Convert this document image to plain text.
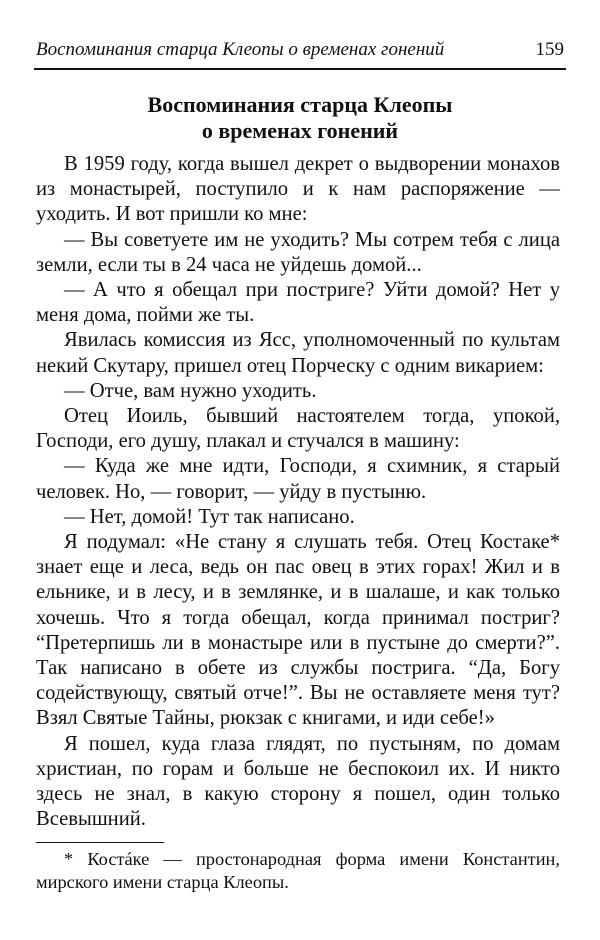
Воспоминания старца Клеопы о временах гонений	159
Воспоминания старца Клеопы
о временах гонений

В 1959 году, когда вышел декрет о выдворении монахов из монастырей, поступило и к нам распоряжение — уходить. И вот пришли ко мне:

— Вы советуете им не уходить? Мы сотрем тебя с лица земли, если ты в 24 часа не уйдешь домой...

— А что я обещал при постриге? Уйти домой? Нет у меня дома, пойми же ты.

Явилась комиссия из Ясс, уполномоченный по культам некий Скутару, пришел отец Порческу с одним викарием:

— Отче, вам нужно уходить.

Отец Иоиль, бывший настоятелем тогда, упокой, Господи, его душу, плакал и стучался в машину:

— Куда же мне идти, Господи, я схимник, я старый человек. Но, — говорит, — уйду в пустыню.

— Нет, домой! Тут так написано.

Я подумал: «Не стану я слушать тебя. Отец Костаке* знает еще и леса, ведь он пас овец в этих горах! Жил и в ельнике, и в лесу, и в землянке, и в шалаше, и как только хочешь. Что я тогда обещал, когда принимал постриг? “Претерпишь ли в монастыре или в пустыне до смерти?”. Так написано в обете из службы пострига. “Да, Богу содействующу, святый отче!”. Вы не оставляете меня тут? Взял Святые Тайны, рюкзак с книгами, и иди себе!»

Я пошел, куда глаза глядят, по пустыням, по домам христиан, по горам и больше не беспокоил их. И никто здесь не знал, в какую сторону я пошел, один только Всевышний.

* Костáке — простонародная форма имени Константин, мирского имени старца Клеопы.
